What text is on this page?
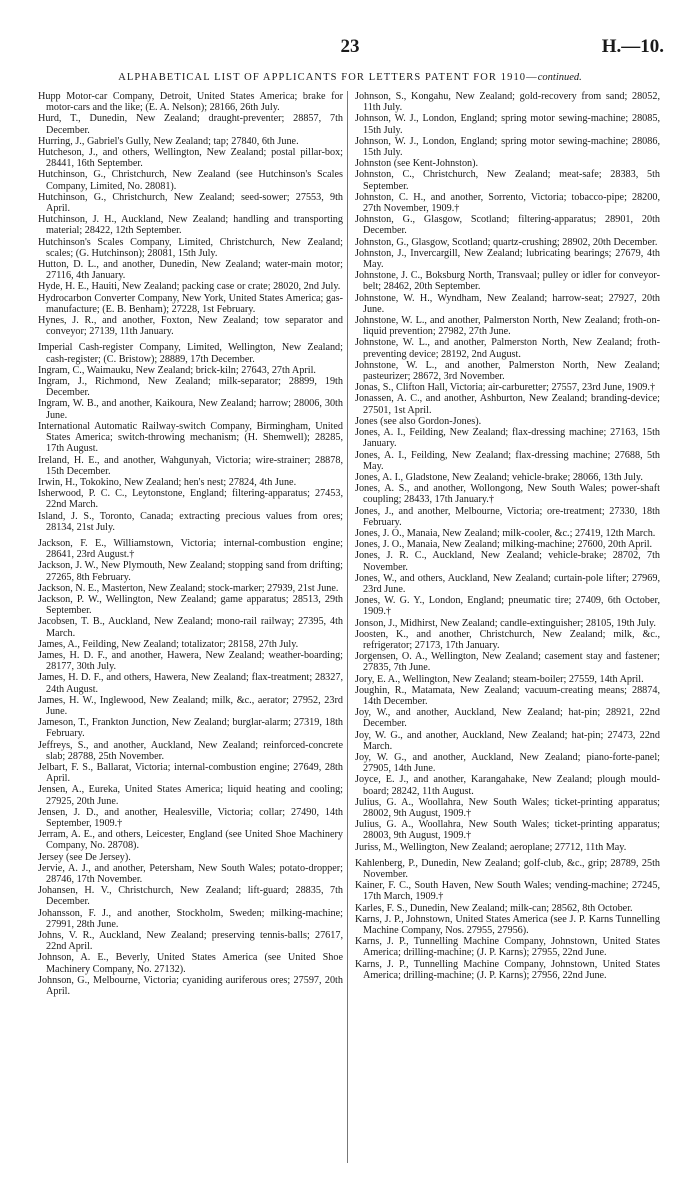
23	H.—10.
ALPHABETICAL LIST OF APPLICANTS FOR LETTERS PATENT FOR 1910—continued.

Hupp Motor-car Company, Detroit, United States America; brake for motor-cars and the like; (E. A. Nelson); 28166, 26th July.

Hurd, T., Dunedin, New Zealand; draught-preventer; 28857, 7th December.

Hurring, J., Gabriel's Gully, New Zealand; tap; 27840, 6th June.

Hutcheson, J., and others, Wellington, New Zealand; postal pillar-box; 28441, 16th September.

Hutchinson, G., Christchurch, New Zealand (see Hutchinson's Scales Company, Limited, No. 28081).

Hutchinson, G., Christchurch, New Zealand; seed-sower; 27553, 9th April.

Hutchinson, J. H., Auckland, New Zealand; handling and transporting material; 28422, 12th September.

Hutchinson's Scales Company, Limited, Christchurch, New Zealand; scales; (G. Hutchinson); 28081, 15th July.

Hutton, D. L., and another, Dunedin, New Zealand; water-main motor; 27116, 4th January.

Hyde, H. E., Hauiti, New Zealand; packing case or crate; 28020, 2nd July.

Hydrocarbon Converter Company, New York, United States America; gas-manufacture; (E. B. Benham); 27228, 1st February.

Hynes, J. R., and another, Foxton, New Zealand; tow separator and conveyor; 27139, 11th January.

Imperial Cash-register Company, Limited, Wellington, New Zealand; cash-register; (C. Bristow); 28889, 17th December.

Ingram, C., Waimauku, New Zealand; brick-kiln; 27643, 27th April.

Ingram, J., Richmond, New Zealand; milk-separator; 28899, 19th December.

Ingram, W. B., and another, Kaikoura, New Zealand; harrow; 28006, 30th June.

International Automatic Railway-switch Company, Birmingham, United States America; switch-throwing mechanism; (H. Shemwell); 28285, 17th August.

Ireland, H. E., and another, Wahgunyah, Victoria; wire-strainer; 28878, 15th December.

Irwin, H., Tokokino, New Zealand; hen's nest; 27824, 4th June.

Isherwood, P. C. C., Leytonstone, England; filtering-apparatus; 27453, 22nd March.

Island, J. S., Toronto, Canada; extracting precious values from ores; 28134, 21st July.

Jackson, F. E., Williamstown, Victoria; internal-combustion engine; 28641, 23rd August.†

Jackson, J. W., New Plymouth, New Zealand; stopping sand from drifting; 27265, 8th February.

Jackson, N. E., Masterton, New Zealand; stock-marker; 27939, 21st June.

Jackson, P. W., Wellington, New Zealand; game apparatus; 28513, 29th September.

Jacobsen, T. B., Auckland, New Zealand; mono-rail railway; 27395, 4th March.

James, A., Feilding, New Zealand; totalizator; 28158, 27th July.

James, H. D. F., and another, Hawera, New Zealand; weather-boarding; 28177, 30th July.

James, H. D. F., and others, Hawera, New Zealand; flax-treatment; 28327, 24th August.

James, H. W., Inglewood, New Zealand; milk, &c., aerator; 27952, 23rd June.

Jameson, T., Frankton Junction, New Zealand; burglar-alarm; 27319, 18th February.

Jeffreys, S., and another, Auckland, New Zealand; reinforced-concrete slab; 28788, 25th November.

Jelbart, F. S., Ballarat, Victoria; internal-combustion engine; 27649, 28th April.

Jensen, A., Eureka, United States America; liquid heating and cooling; 27925, 20th June.

Jensen, J. D., and another, Healesville, Victoria; collar; 27490, 14th September, 1909.†

Jerram, A. E., and others, Leicester, England (see United Shoe Machinery Company, No. 28708).

Jersey (see De Jersey).

Jervie, A. J., and another, Petersham, New South Wales; potato-dropper; 28746, 17th November.

Johansen, H. V., Christchurch, New Zealand; lift-guard; 28835, 7th December.

Johansson, F. J., and another, Stockholm, Sweden; milking-machine; 27991, 28th June.

Johns, V. R., Auckland, New Zealand; preserving tennis-balls; 27617, 22nd April.

Johnson, A. E., Beverly, United States America (see United Shoe Machinery Company, No. 27132).

Johnson, G., Melbourne, Victoria; cyaniding auriferous ores; 27597, 20th April.

Johnson, S., Kongahu, New Zealand; gold-recovery from sand; 28052, 11th July.

Johnson, W. J., London, England; spring motor sewing-machine; 28085, 15th July.

Johnson, W. J., London, England; spring motor sewing-machine; 28086, 15th July.

Johnston (see Kent-Johnston).

Johnston, C., Christchurch, New Zealand; meat-safe; 28383, 5th September.

Johnston, C. H., and another, Sorrento, Victoria; tobacco-pipe; 28200, 27th November, 1909.†

Johnston, G., Glasgow, Scotland; filtering-apparatus; 28901, 20th December.

Johnston, G., Glasgow, Scotland; quartz-crushing; 28902, 20th December.

Johnston, J., Invercargill, New Zealand; lubricating bearings; 27679, 4th May.

Johnstone, J. C., Boksburg North, Transvaal; pulley or idler for conveyor-belt; 28462, 20th September.

Johnstone, W. H., Wyndham, New Zealand; harrow-seat; 27927, 20th June.

Johnstone, W. L., and another, Palmerston North, New Zealand; froth-on-liquid prevention; 27982, 27th June.

Johnstone, W. L., and another, Palmerston North, New Zealand; froth-preventing device; 28192, 2nd August.

Johnstone, W. L., and another, Palmerston North, New Zealand; pasteurizer; 28672, 3rd November.

Jonas, S., Clifton Hall, Victoria; air-carburetter; 27557, 23rd June, 1909.†

Jonassen, A. C., and another, Ashburton, New Zealand; branding-device; 27501, 1st April.

Jones (see also Gordon-Jones).

Jones, A. I., Feilding, New Zealand; flax-dressing machine; 27163, 15th January.

Jones, A. I., Feilding, New Zealand; flax-dressing machine; 27688, 5th May.

Jones, A. I., Gladstone, New Zealand; vehicle-brake; 28066, 13th July.

Jones, A. S., and another, Wollongong, New South Wales; power-shaft coupling; 28433, 17th January.†

Jones, J., and another, Melbourne, Victoria; ore-treatment; 27330, 18th February.

Jones, J. O., Manaia, New Zealand; milk-cooler, &c.; 27419, 12th March.

Jones, J. O., Manaia, New Zealand; milking-machine; 27600, 20th April.

Jones, J. R. C., Auckland, New Zealand; vehicle-brake; 28702, 7th November.

Jones, W., and others, Auckland, New Zealand; curtain-pole lifter; 27969, 23rd June.

Jones, W. G. Y., London, England; pneumatic tire; 27409, 6th October, 1909.†

Jonson, J., Midhirst, New Zealand; candle-extinguisher; 28105, 19th July.

Joosten, K., and another, Christchurch, New Zealand; milk, &c., refrigerator; 27173, 17th January.

Jorgensen, O. A., Wellington, New Zealand; casement stay and fastener; 27835, 7th June.

Jory, E. A., Wellington, New Zealand; steam-boiler; 27559, 14th April.

Joughin, R., Matamata, New Zealand; vacuum-creating means; 28874, 14th December.

Joy, W., and another, Auckland, New Zealand; hat-pin; 28921, 22nd December.

Joy, W. G., and another, Auckland, New Zealand; hat-pin; 27473, 22nd March.

Joy, W. G., and another, Auckland, New Zealand; piano-forte-panel; 27905, 14th June.

Joyce, E. J., and another, Karangahake, New Zealand; plough mould-board; 28242, 11th August.

Julius, G. A., Woollahra, New South Wales; ticket-printing apparatus; 28002, 9th August, 1909.†

Julius, G. A., Woollahra, New South Wales; ticket-printing apparatus; 28003, 9th August, 1909.†

Juriss, M., Wellington, New Zealand; aeroplane; 27712, 11th May.

Kahlenberg, P., Dunedin, New Zealand; golf-club, &c., grip; 28789, 25th November.

Kainer, F. C., South Haven, New South Wales; vending-machine; 27245, 17th March, 1909.†

Karles, F. S., Dunedin, New Zealand; milk-can; 28562, 8th October.

Karns, J. P., Johnstown, United States America (see J. P. Karns Tunnelling Machine Company, Nos. 27955, 27956).

Karns, J. P., Tunnelling Machine Company, Johnstown, United States America; drilling-machine; (J. P. Karns); 27955, 22nd June.

Karns, J. P., Tunnelling Machine Company, Johnstown, United States America; drilling-machine; (J. P. Karns); 27956, 22nd June.
